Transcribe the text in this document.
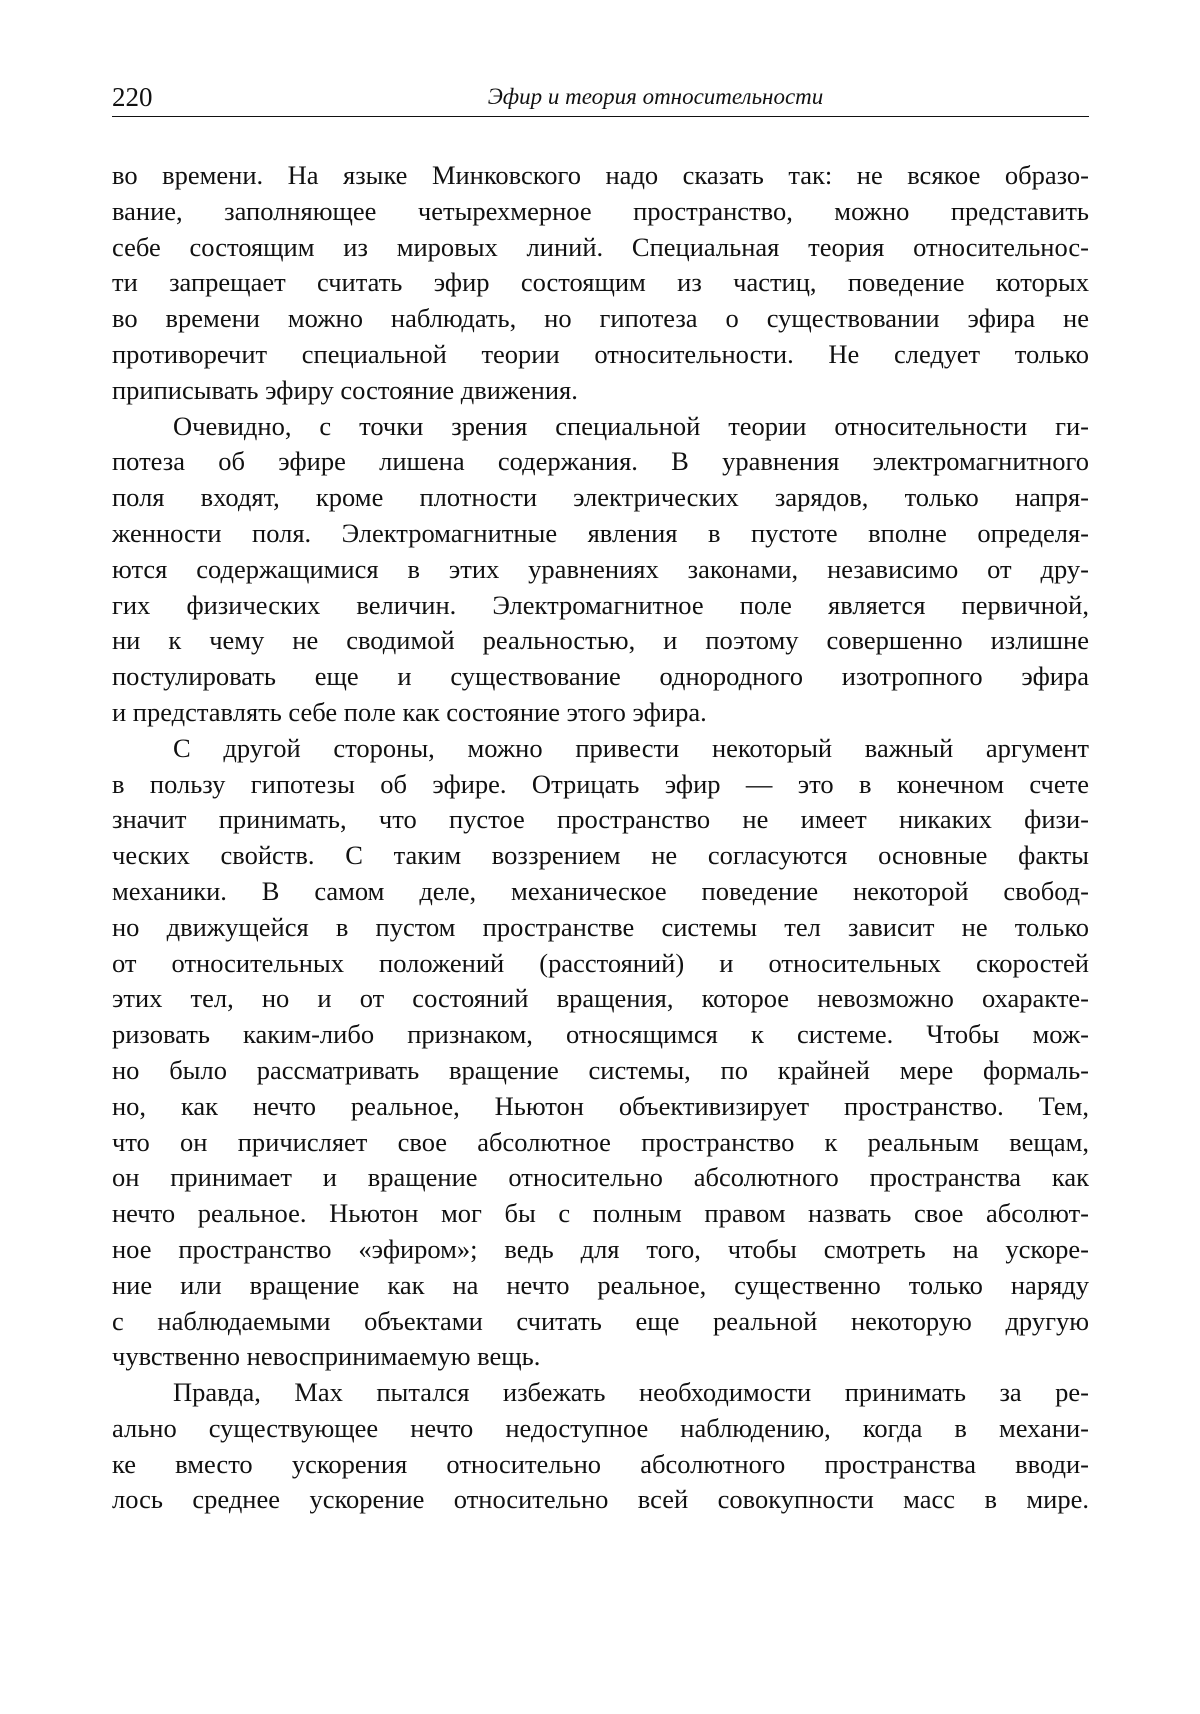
220	Эфир и теория относительности
во времени. На языке Минковского надо сказать так: не всякое образо-
вание, заполняющее четырехмерное пространство, можно представить
себе состоящим из мировых линий. Специальная теория относительнос-
ти запрещает считать эфир состоящим из частиц, поведение которых
во времени можно наблюдать, но гипотеза о существовании эфира не
противоречит специальной теории относительности. Не следует только
приписывать эфиру состояние движения.
Очевидно, с точки зрения специальной теории относительности ги-
потеза об эфире лишена содержания. В уравнения электромагнитного
поля входят, кроме плотности электрических зарядов, только напря-
женности поля. Электромагнитные явления в пустоте вполне определя-
ются содержащимися в этих уравнениях законами, независимо от дру-
гих физических величин. Электромагнитное поле является первичной,
ни к чему не сводимой реальностью, и поэтому совершенно излишне
постулировать еще и существование однородного изотропного эфира
и представлять себе поле как состояние этого эфира.
С другой стороны, можно привести некоторый важный аргумент
в пользу гипотезы об эфире. Отрицать эфир — это в конечном счете
значит принимать, что пустое пространство не имеет никаких физи-
ческих свойств. С таким воззрением не согласуются основные факты
механики. В самом деле, механическое поведение некоторой свобод-
но движущейся в пустом пространстве системы тел зависит не только
от относительных положений (расстояний) и относительных скоростей
этих тел, но и от состояний вращения, которое невозможно охаракте-
ризовать каким-либо признаком, относящимся к системе. Чтобы мож-
но было рассматривать вращение системы, по крайней мере формаль-
но, как нечто реальное, Ньютон объективизирует пространство. Тем,
что он причисляет свое абсолютное пространство к реальным вещам,
он принимает и вращение относительно абсолютного пространства как
нечто реальное. Ньютон мог бы с полным правом назвать свое абсолют-
ное пространство «эфиром»; ведь для того, чтобы смотреть на ускоре-
ние или вращение как на нечто реальное, существенно только наряду
с наблюдаемыми объектами считать еще реальной некоторую другую
чувственно невоспринимаемую вещь.
Правда, Мах пытался избежать необходимости принимать за ре-
ально существующее нечто недоступное наблюдению, когда в механи-
ке вместо ускорения относительно абсолютного пространства вводи-
лось среднее ускорение относительно всей совокупности масс в мире.
